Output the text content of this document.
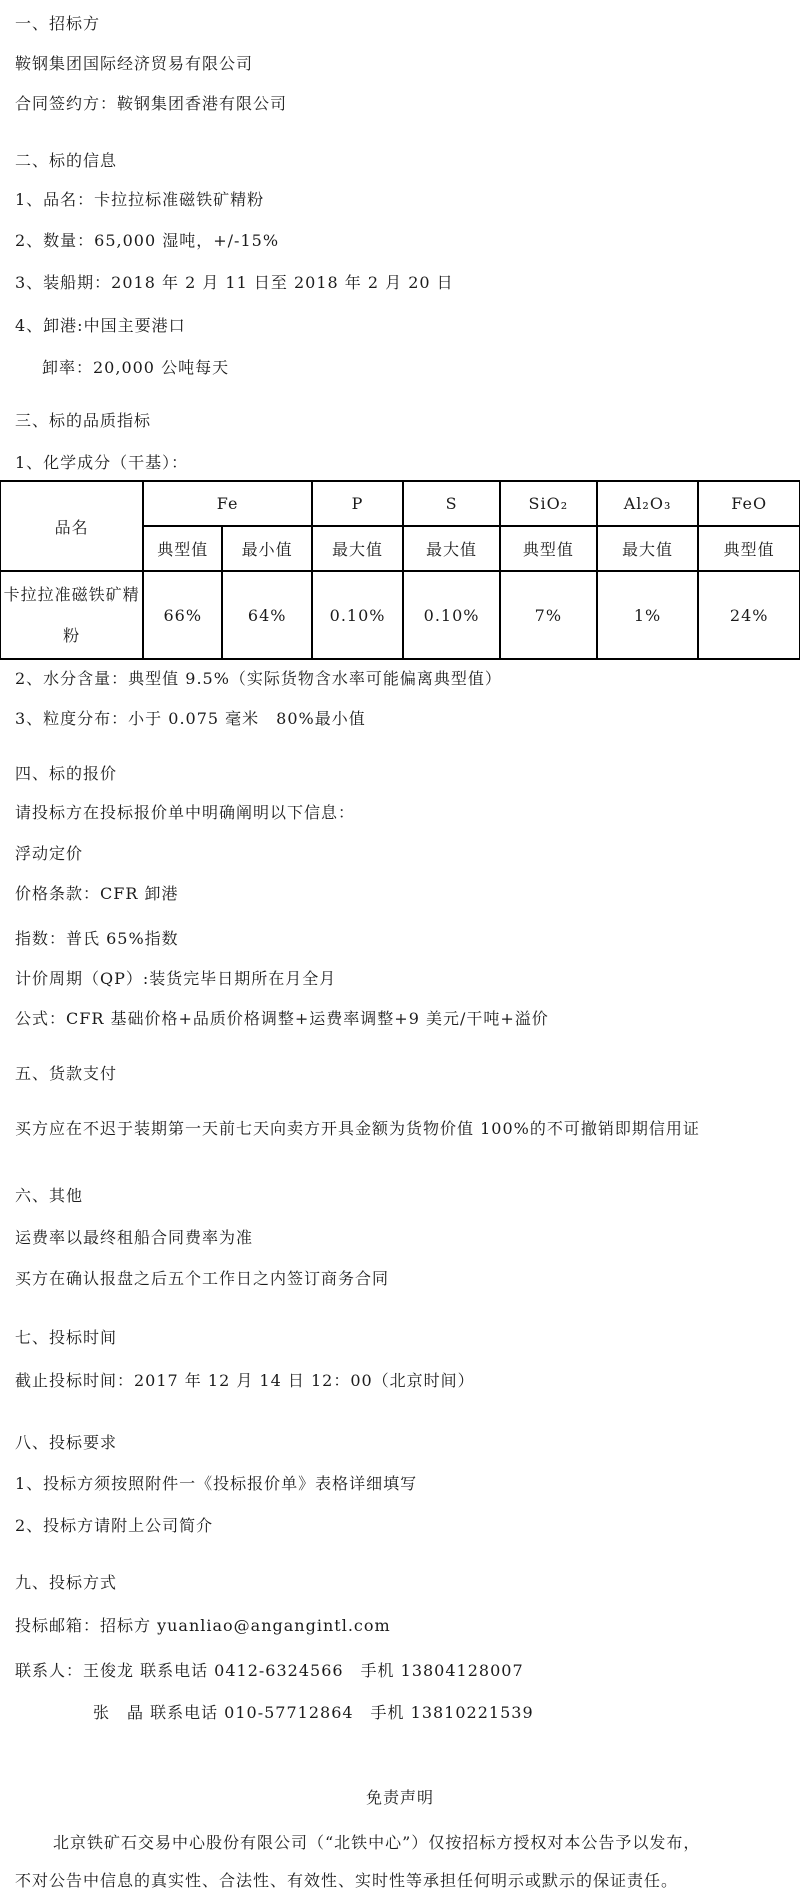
一、招标方

鞍钢集团国际经济贸易有限公司

合同签约方：鞍钢集团香港有限公司

二、标的信息

1、品名：卡拉拉标准磁铁矿精粉

2、数量：65,000 湿吨，+/-15%

3、装船期：2018 年 2 月 11 日至 2018 年 2 月 20 日

4、卸港:中国主要港口

卸率：20,000 公吨每天

三、标的品质指标

1、化学成分（干基）：

品名	Fe		P	S	SiO₂	Al₂O₃	FeO
	典型值	最小值	最大值	最大值	典型值	最大值	典型值
卡拉拉准磁铁矿精粉	66%	64%	0.10%	0.10%	7%	1%	24%

2、水分含量：典型值 9.5%（实际货物含水率可能偏离典型值）

3、粒度分布：小于 0.075 毫米　80%最小值

四、标的报价

请投标方在投标报价单中明确阐明以下信息：

浮动定价

价格条款：CFR 卸港

指数：普氏 65%指数

计价周期（QP）:装货完毕日期所在月全月

公式：CFR 基础价格+品质价格调整+运费率调整+9 美元/干吨+溢价

五、货款支付

买方应在不迟于装期第一天前七天向卖方开具金额为货物价值 100%的不可撤销即期信用证

六、其他

运费率以最终租船合同费率为准

买方在确认报盘之后五个工作日之内签订商务合同

七、投标时间

截止投标时间：2017 年 12 月 14 日 12：00（北京时间）

八、投标要求

1、投标方须按照附件一《投标报价单》表格详细填写

2、投标方请附上公司简介

九、投标方式

投标邮箱：招标方 yuanliao@angangintl.com

联系人：王俊龙 联系电话 0412-6324566　手机 13804128007

张　晶 联系电话 010-57712864　手机 13810221539

免责声明

北京铁矿石交易中心股份有限公司（“北铁中心”）仅按招标方授权对本公告予以发布，

不对公告中信息的真实性、合法性、有效性、实时性等承担任何明示或默示的保证责任。
